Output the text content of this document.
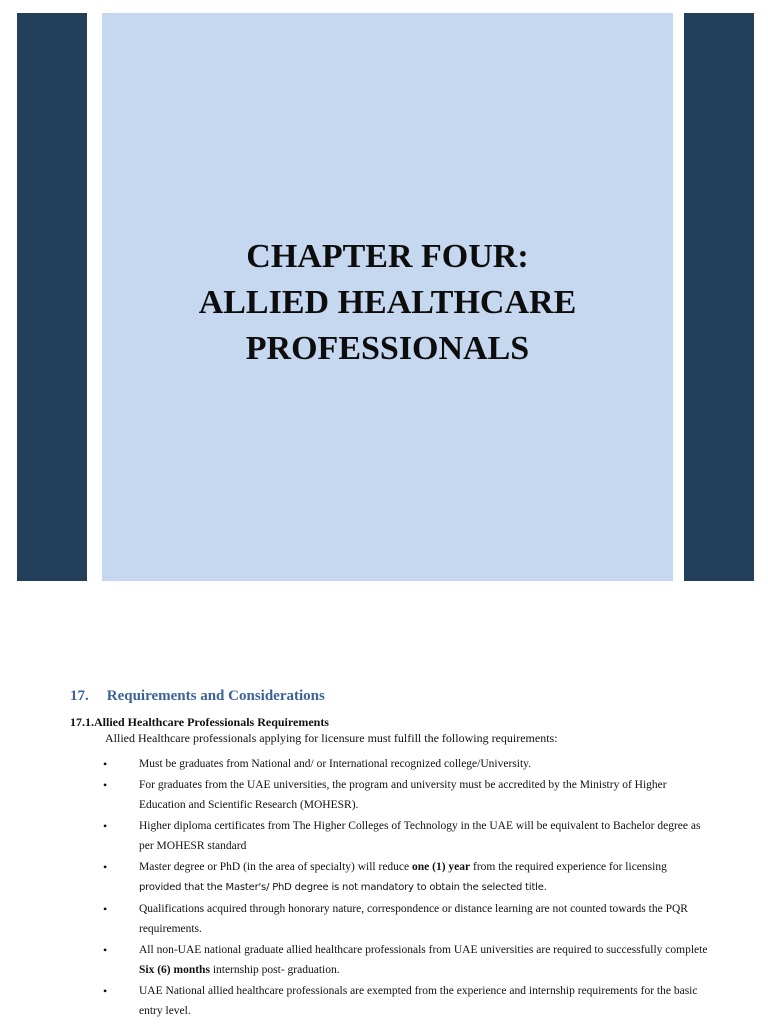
CHAPTER FOUR:
ALLIED HEALTHCARE
PROFESSIONALS
17. Requirements and Considerations

17.1.Allied Healthcare Professionals Requirements

Allied Healthcare professionals applying for licensure must fulfill the following requirements:

•	Must be graduates from National and/ or International recognized college/University.
•	For graduates from the UAE universities, the program and university must be accredited by the Ministry of Higher Education and Scientific Research (MOHESR).
•	Higher diploma certificates from The Higher Colleges of Technology in the UAE will be equivalent to Bachelor degree as per MOHESR standard
•	Master degree or PhD (in the area of specialty) will reduce one (1) year from the required experience for licensing
provided that the Master's/ PhD degree is not mandatory to obtain the selected title.
•	Qualifications acquired through honorary nature, correspondence or distance learning are not counted towards the PQR requirements.
•	All non-UAE national graduate allied healthcare professionals from UAE universities are required to successfully complete Six (6) months internship post- graduation.
•	UAE National allied healthcare professionals are exempted from the experience and internship requirements for the basic entry level.
